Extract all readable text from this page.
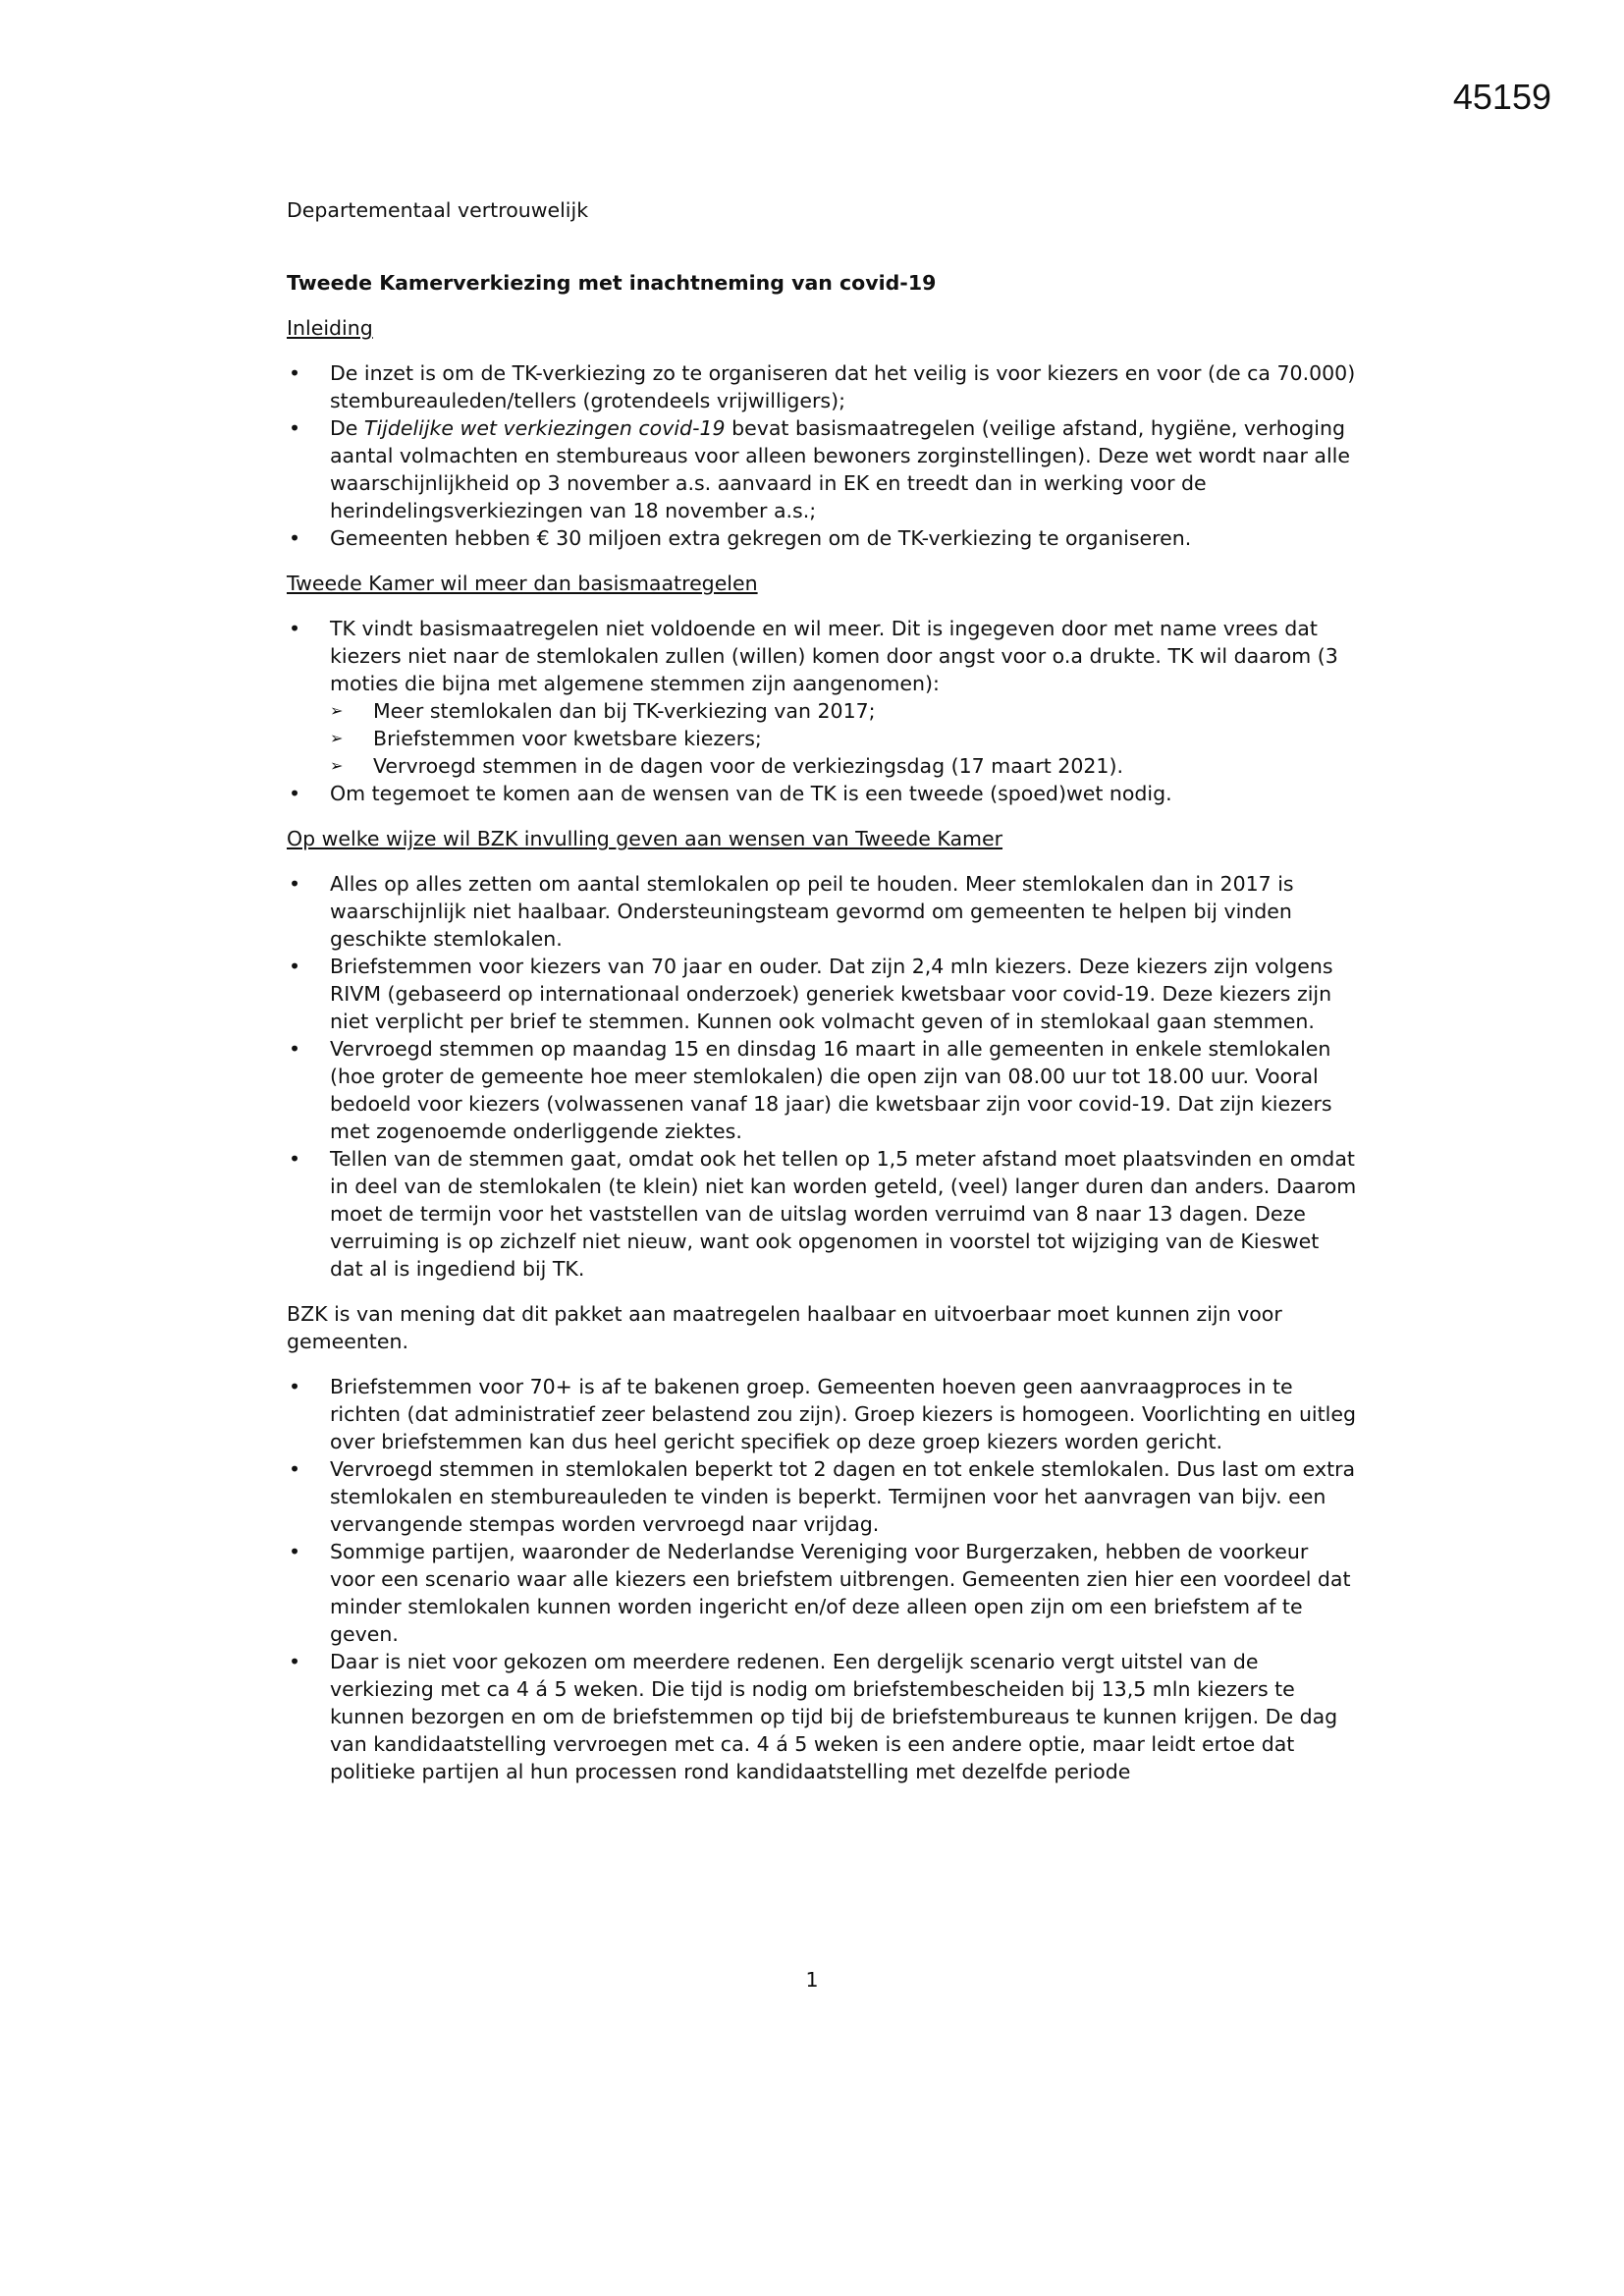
45159

Departementaal vertrouwelijk

Tweede Kamerverkiezing met inachtneming van covid-19

Inleiding

• De inzet is om de TK-verkiezing zo te organiseren dat het veilig is voor kiezers en voor (de ca 70.000) stembureauleden/tellers (grotendeels vrijwilligers);
• De Tijdelijke wet verkiezingen covid-19 bevat basismaatregelen (veilige afstand, hygiëne, verhoging aantal volmachten en stembureaus voor alleen bewoners zorginstellingen). Deze wet wordt naar alle waarschijnlijkheid op 3 november a.s. aanvaard in EK en treedt dan in werking voor de herindelingsverkiezingen van 18 november a.s.;
• Gemeenten hebben € 30 miljoen extra gekregen om de TK-verkiezing te organiseren.

Tweede Kamer wil meer dan basismaatregelen

• TK vindt basismaatregelen niet voldoende en wil meer. Dit is ingegeven door met name vrees dat kiezers niet naar de stemlokalen zullen (willen) komen door angst voor o.a drukte. TK wil daarom (3 moties die bijna met algemene stemmen zijn aangenomen):
➢ Meer stemlokalen dan bij TK-verkiezing van 2017;
➢ Briefstemmen voor kwetsbare kiezers;
➢ Vervroegd stemmen in de dagen voor de verkiezingsdag (17 maart 2021).
• Om tegemoet te komen aan de wensen van de TK is een tweede (spoed)wet nodig.

Op welke wijze wil BZK invulling geven aan wensen van Tweede Kamer

• Alles op alles zetten om aantal stemlokalen op peil te houden. Meer stemlokalen dan in 2017 is waarschijnlijk niet haalbaar. Ondersteuningsteam gevormd om gemeenten te helpen bij vinden geschikte stemlokalen.
• Briefstemmen voor kiezers van 70 jaar en ouder. Dat zijn 2,4 mln kiezers. Deze kiezers zijn volgens RIVM (gebaseerd op internationaal onderzoek) generiek kwetsbaar voor covid-19. Deze kiezers zijn niet verplicht per brief te stemmen. Kunnen ook volmacht geven of in stemlokaal gaan stemmen.
• Vervroegd stemmen op maandag 15 en dinsdag 16 maart in alle gemeenten in enkele stemlokalen (hoe groter de gemeente hoe meer stemlokalen) die open zijn van 08.00 uur tot 18.00 uur. Vooral bedoeld voor kiezers (volwassenen vanaf 18 jaar) die kwetsbaar zijn voor covid-19. Dat zijn kiezers met zogenoemde onderliggende ziektes.
• Tellen van de stemmen gaat, omdat ook het tellen op 1,5 meter afstand moet plaatsvinden en omdat in deel van de stemlokalen (te klein) niet kan worden geteld, (veel) langer duren dan anders. Daarom moet de termijn voor het vaststellen van de uitslag worden verruimd van 8 naar 13 dagen. Deze verruiming is op zichzelf niet nieuw, want ook opgenomen in voorstel tot wijziging van de Kieswet dat al is ingediend bij TK.

BZK is van mening dat dit pakket aan maatregelen haalbaar en uitvoerbaar moet kunnen zijn voor gemeenten.

• Briefstemmen voor 70+ is af te bakenen groep. Gemeenten hoeven geen aanvraagproces in te richten (dat administratief zeer belastend zou zijn). Groep kiezers is homogeen. Voorlichting en uitleg over briefstemmen kan dus heel gericht specifiek op deze groep kiezers worden gericht.
• Vervroegd stemmen in stemlokalen beperkt tot 2 dagen en tot enkele stemlokalen. Dus last om extra stemlokalen en stembureauleden te vinden is beperkt. Termijnen voor het aanvragen van bijv. een vervangende stempas worden vervroegd naar vrijdag.
• Sommige partijen, waaronder de Nederlandse Vereniging voor Burgerzaken, hebben de voorkeur voor een scenario waar alle kiezers een briefstem uitbrengen. Gemeenten zien hier een voordeel dat minder stemlokalen kunnen worden ingericht en/of deze alleen open zijn om een briefstem af te geven.
• Daar is niet voor gekozen om meerdere redenen. Een dergelijk scenario vergt uitstel van de verkiezing met ca 4 á 5 weken. Die tijd is nodig om briefstembescheiden bij 13,5 mln kiezers te kunnen bezorgen en om de briefstemmen op tijd bij de briefstembureaus te kunnen krijgen. De dag van kandidaatstelling vervroegen met ca. 4 á 5 weken is een andere optie, maar leidt ertoe dat politieke partijen al hun processen rond kandidaatstelling met dezelfde periode
1
